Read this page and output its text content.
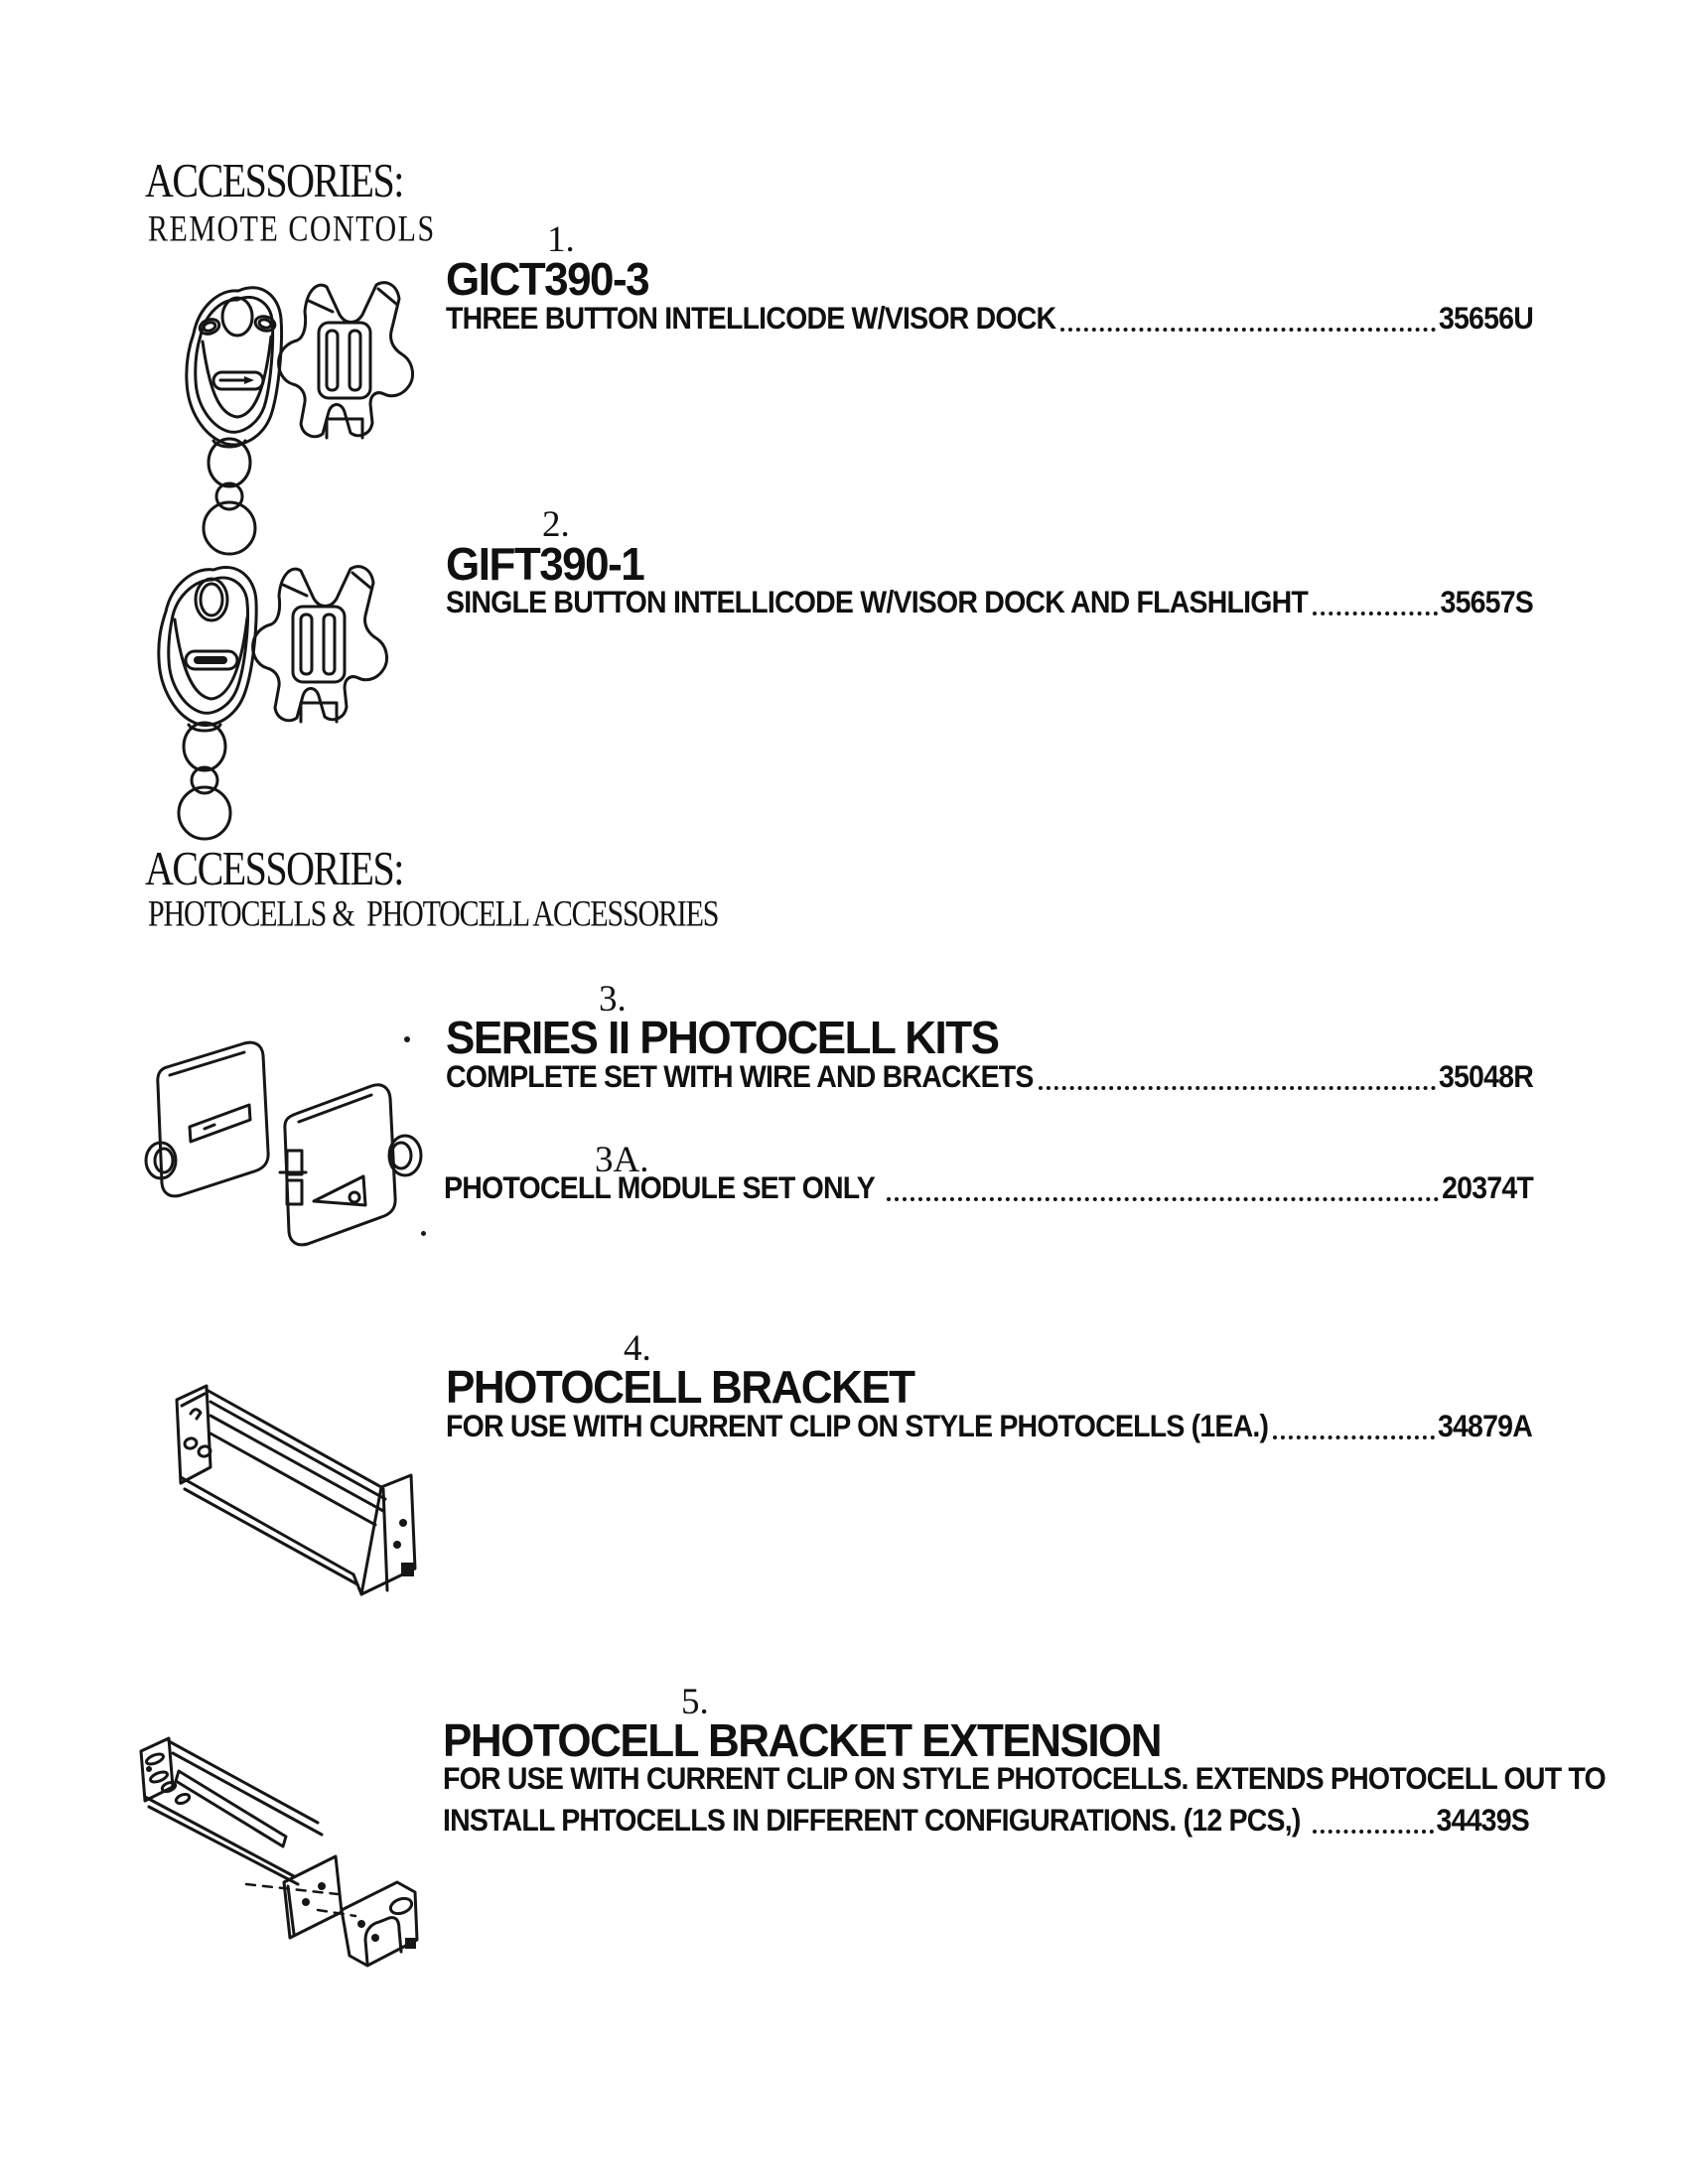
ACCESSORIES:
REMOTE CONTOLS	1.
GICT390-3
THREE BUTTON INTELLICODE W/VISOR DOCK	35656U
2.
GIFT390-1
SINGLE BUTTON INTELLICODE W/VISOR DOCK AND FLASHLIGHT	35657S
ACCESSORIES:
PHOTOCELLS &  PHOTOCELL ACCESSORIES
3.
SERIES II PHOTOCELL KITS
COMPLETE SET WITH WIRE AND BRACKETS	35048R
3A.
PHOTOCELL MODULE SET ONLY	20374T
4.
PHOTOCELL BRACKET
FOR USE WITH CURRENT CLIP ON STYLE PHOTOCELLS (1EA.)	34879A
5.
PHOTOCELL BRACKET EXTENSION
FOR USE WITH CURRENT CLIP ON STYLE PHOTOCELLS. EXTENDS PHOTOCELL OUT TO
INSTALL PHTOCELLS IN DIFFERENT CONFIGURATIONS. (12 PCS,)	34439S
